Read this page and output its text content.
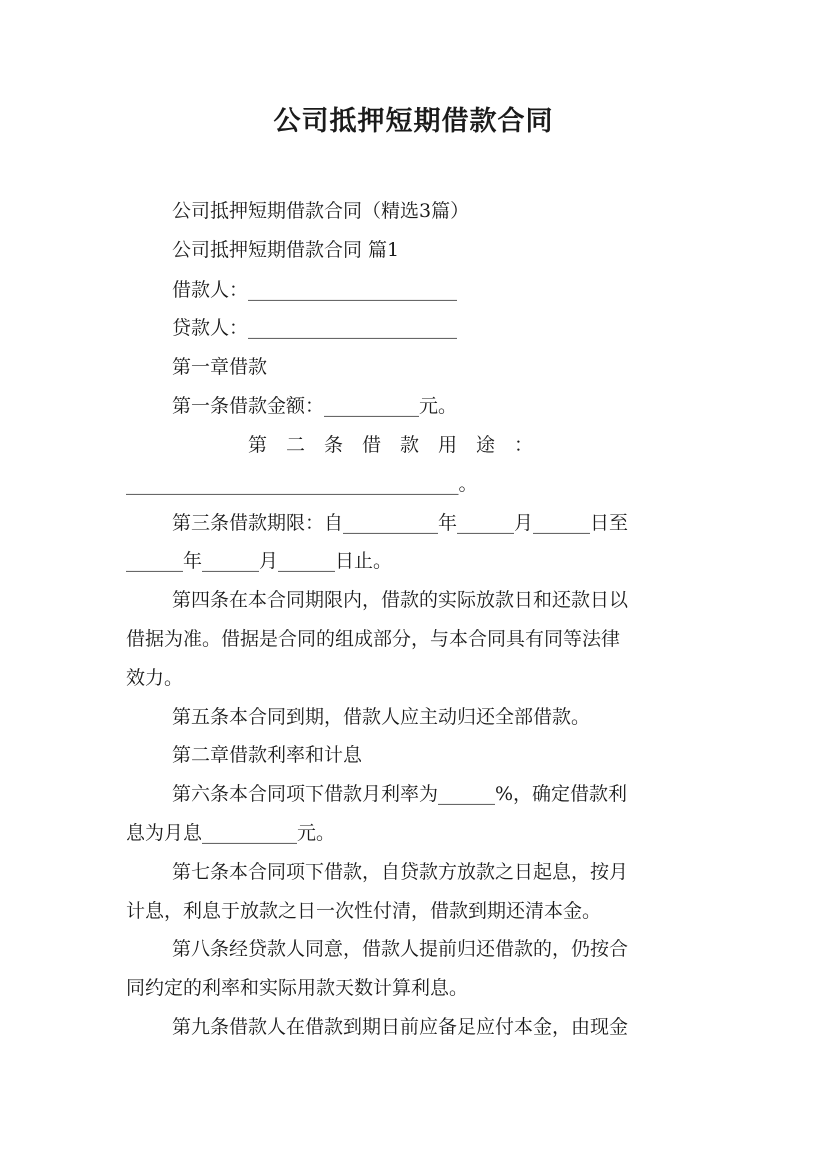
公司抵押短期借款合同
公司抵押短期借款合同（精选3篇）
公司抵押短期借款合同 篇1
借款人：______________________
贷款人：______________________
第一章借款
第一条借款金额：__________元。
第　二　条　借　款　用　途　：
___________________________________。
第三条借款期限：自__________年______月______日至
______年______月______日止。
第四条在本合同期限内，借款的实际放款日和还款日以
借据为准。借据是合同的组成部分，与本合同具有同等法律
效力。
第五条本合同到期，借款人应主动归还全部借款。
第二章借款利率和计息
第六条本合同项下借款月利率为______%，确定借款利
息为月息__________元。
第七条本合同项下借款，自贷款方放款之日起息，按月
计息，利息于放款之日一次性付清，借款到期还清本金。
第八条经贷款人同意，借款人提前归还借款的，仍按合
同约定的利率和实际用款天数计算利息。
第九条借款人在借款到期日前应备足应付本金，由现金
